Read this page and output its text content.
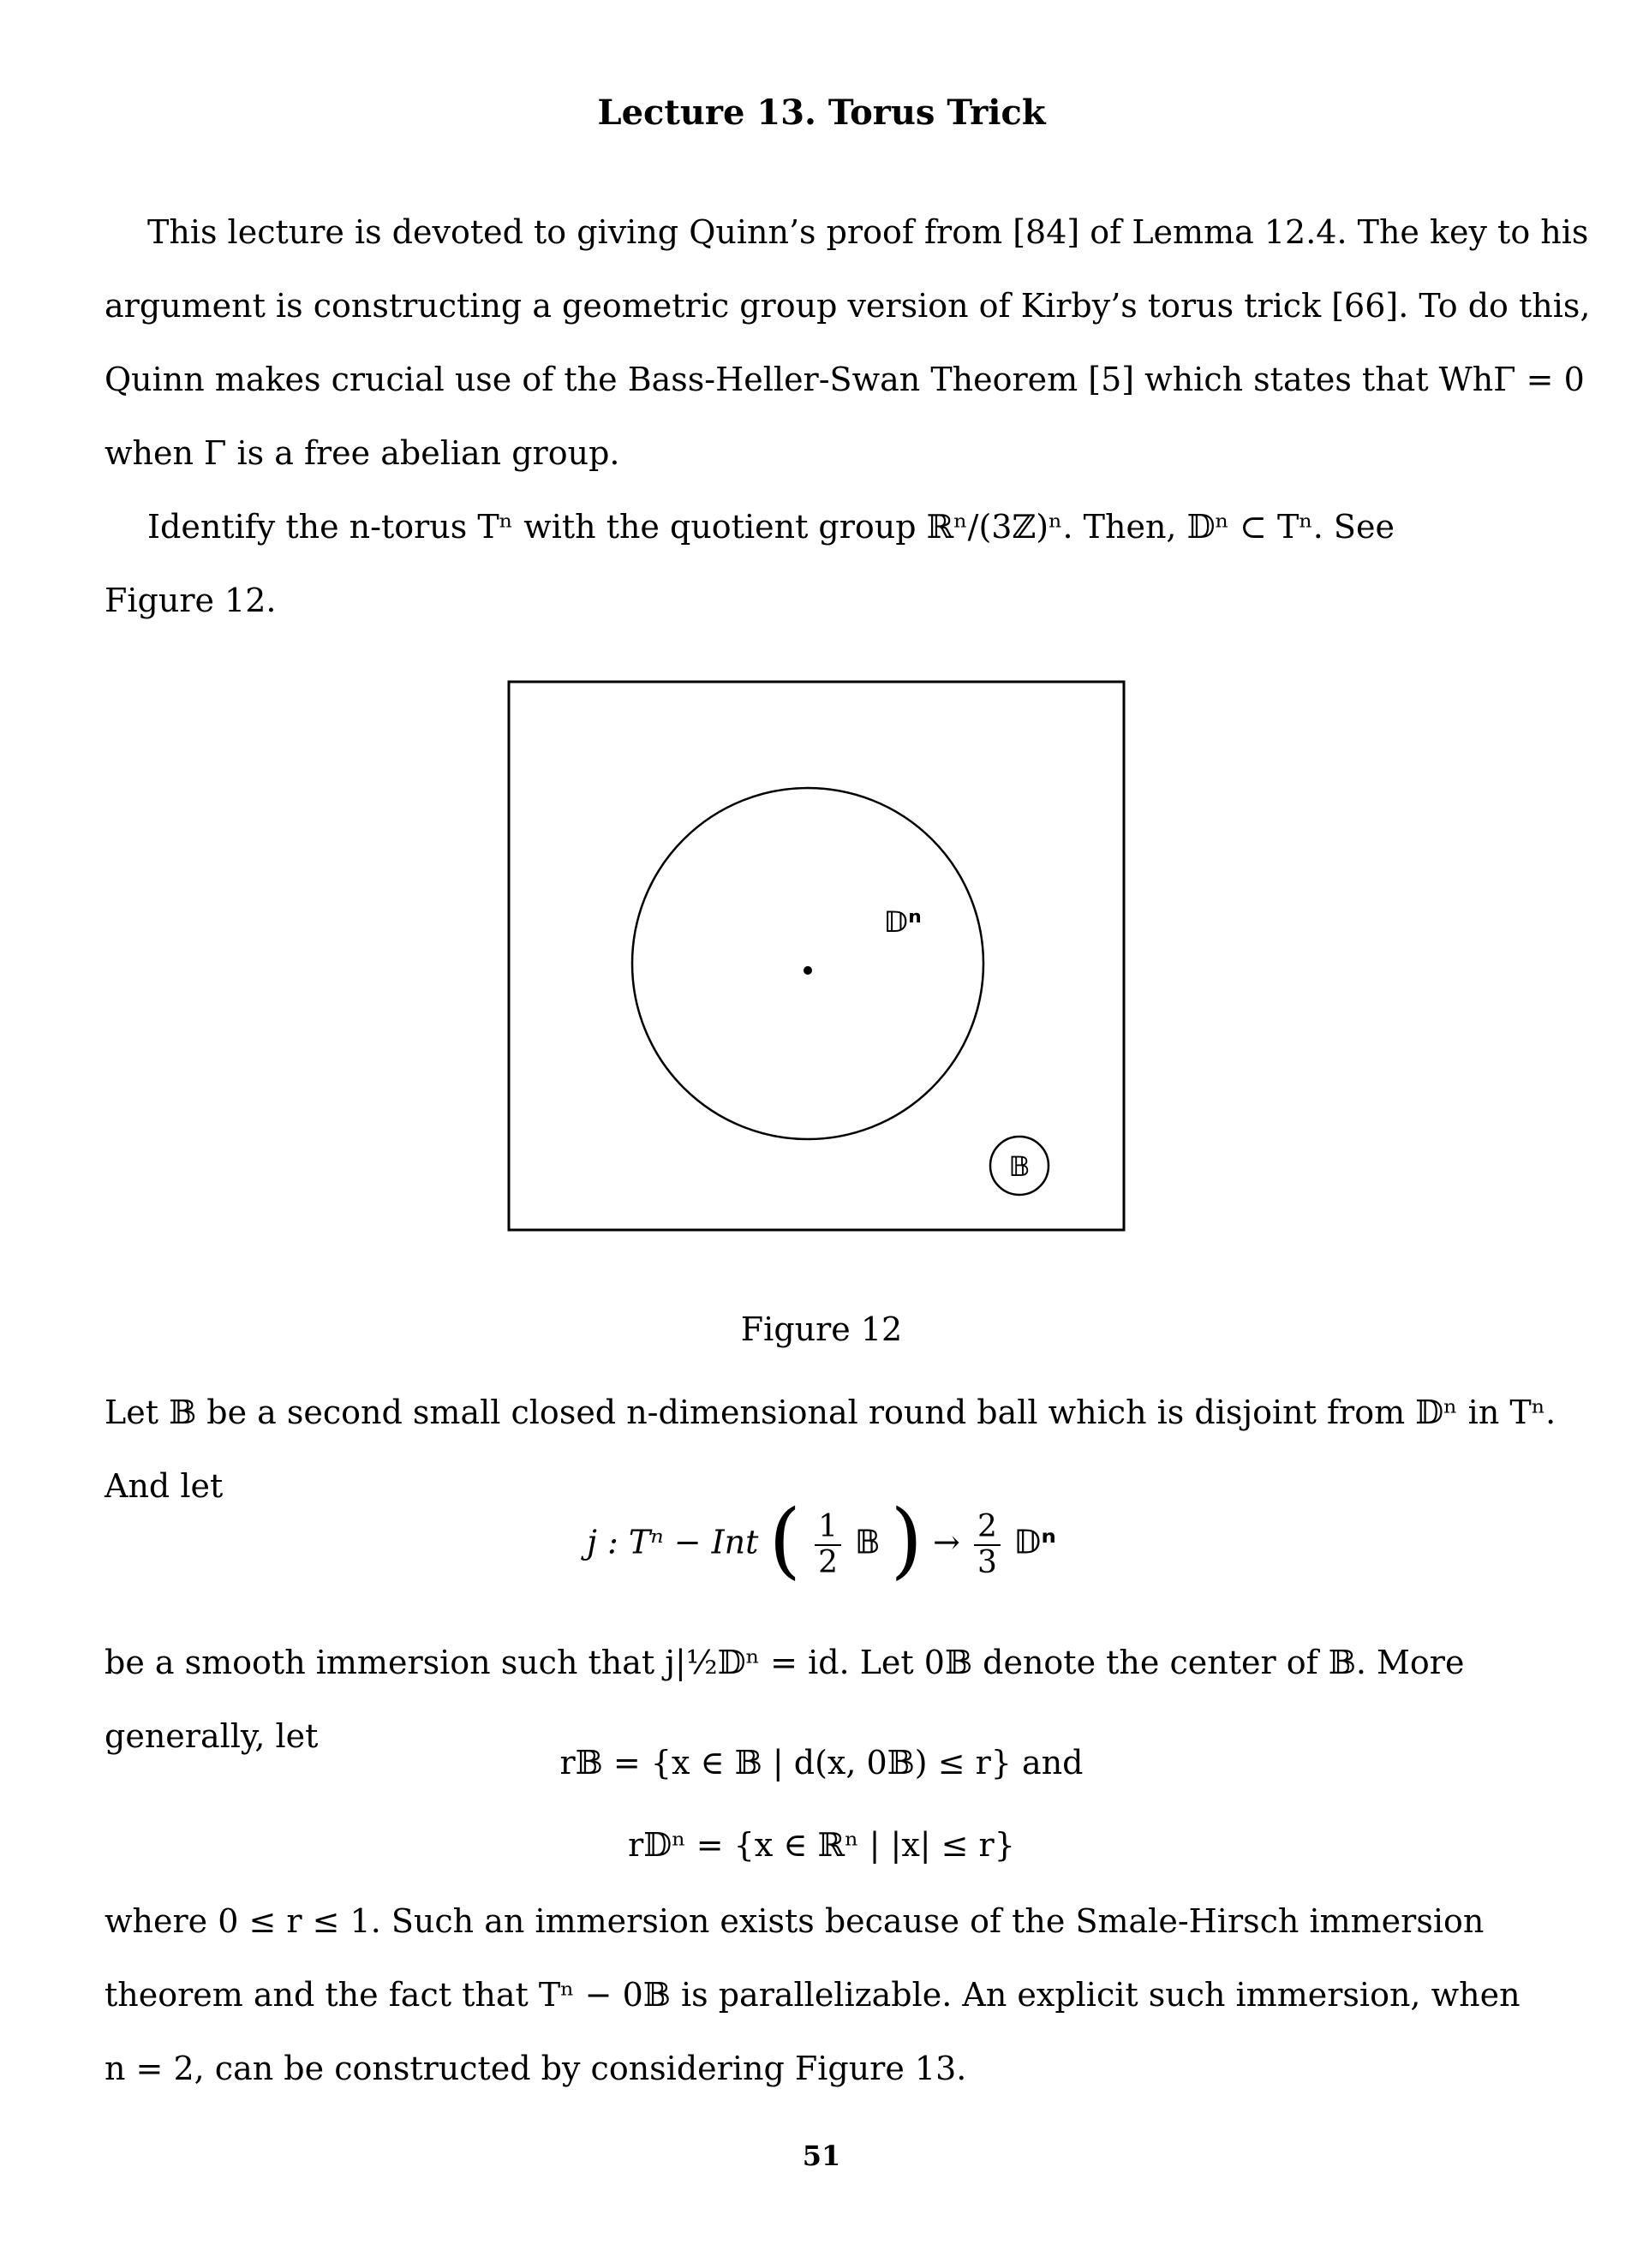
Lecture 13. Torus Trick
This lecture is devoted to giving Quinn’s proof from [84] of Lemma 12.4. The key to his
argument is constructing a geometric group version of Kirby’s torus trick [66]. To do this,
Quinn makes crucial use of the Bass-Heller-Swan Theorem [5] which states that WhΓ = 0
when Γ is a free abelian group.
Identify the n-torus Tⁿ with the quotient group ℝⁿ/(3ℤ)ⁿ. Then, 𝔻ⁿ ⊂ Tⁿ. See
Figure 12.
𝔻ⁿ
𝔹
Figure 12
Let 𝔹 be a second small closed n-dimensional round ball which is disjoint from 𝔻ⁿ in Tⁿ.
And let
j : Tⁿ − Int ( $\frac{1}{2}$ 𝔹 ) → $\frac{2}{3}$ 𝔻ⁿ
be a smooth immersion such that j|½𝔻ⁿ = id. Let 0𝔹 denote the center of 𝔹. More
generally, let
r𝔹 = {x ∈ 𝔹 | d(x, 0𝔹) ≤ r} and
r𝔻ⁿ = {x ∈ ℝⁿ | |x| ≤ r}
where 0 ≤ r ≤ 1. Such an immersion exists because of the Smale-Hirsch immersion
theorem and the fact that Tⁿ − 0𝔹 is parallelizable. An explicit such immersion, when
n = 2, can be constructed by considering Figure 13.
51
